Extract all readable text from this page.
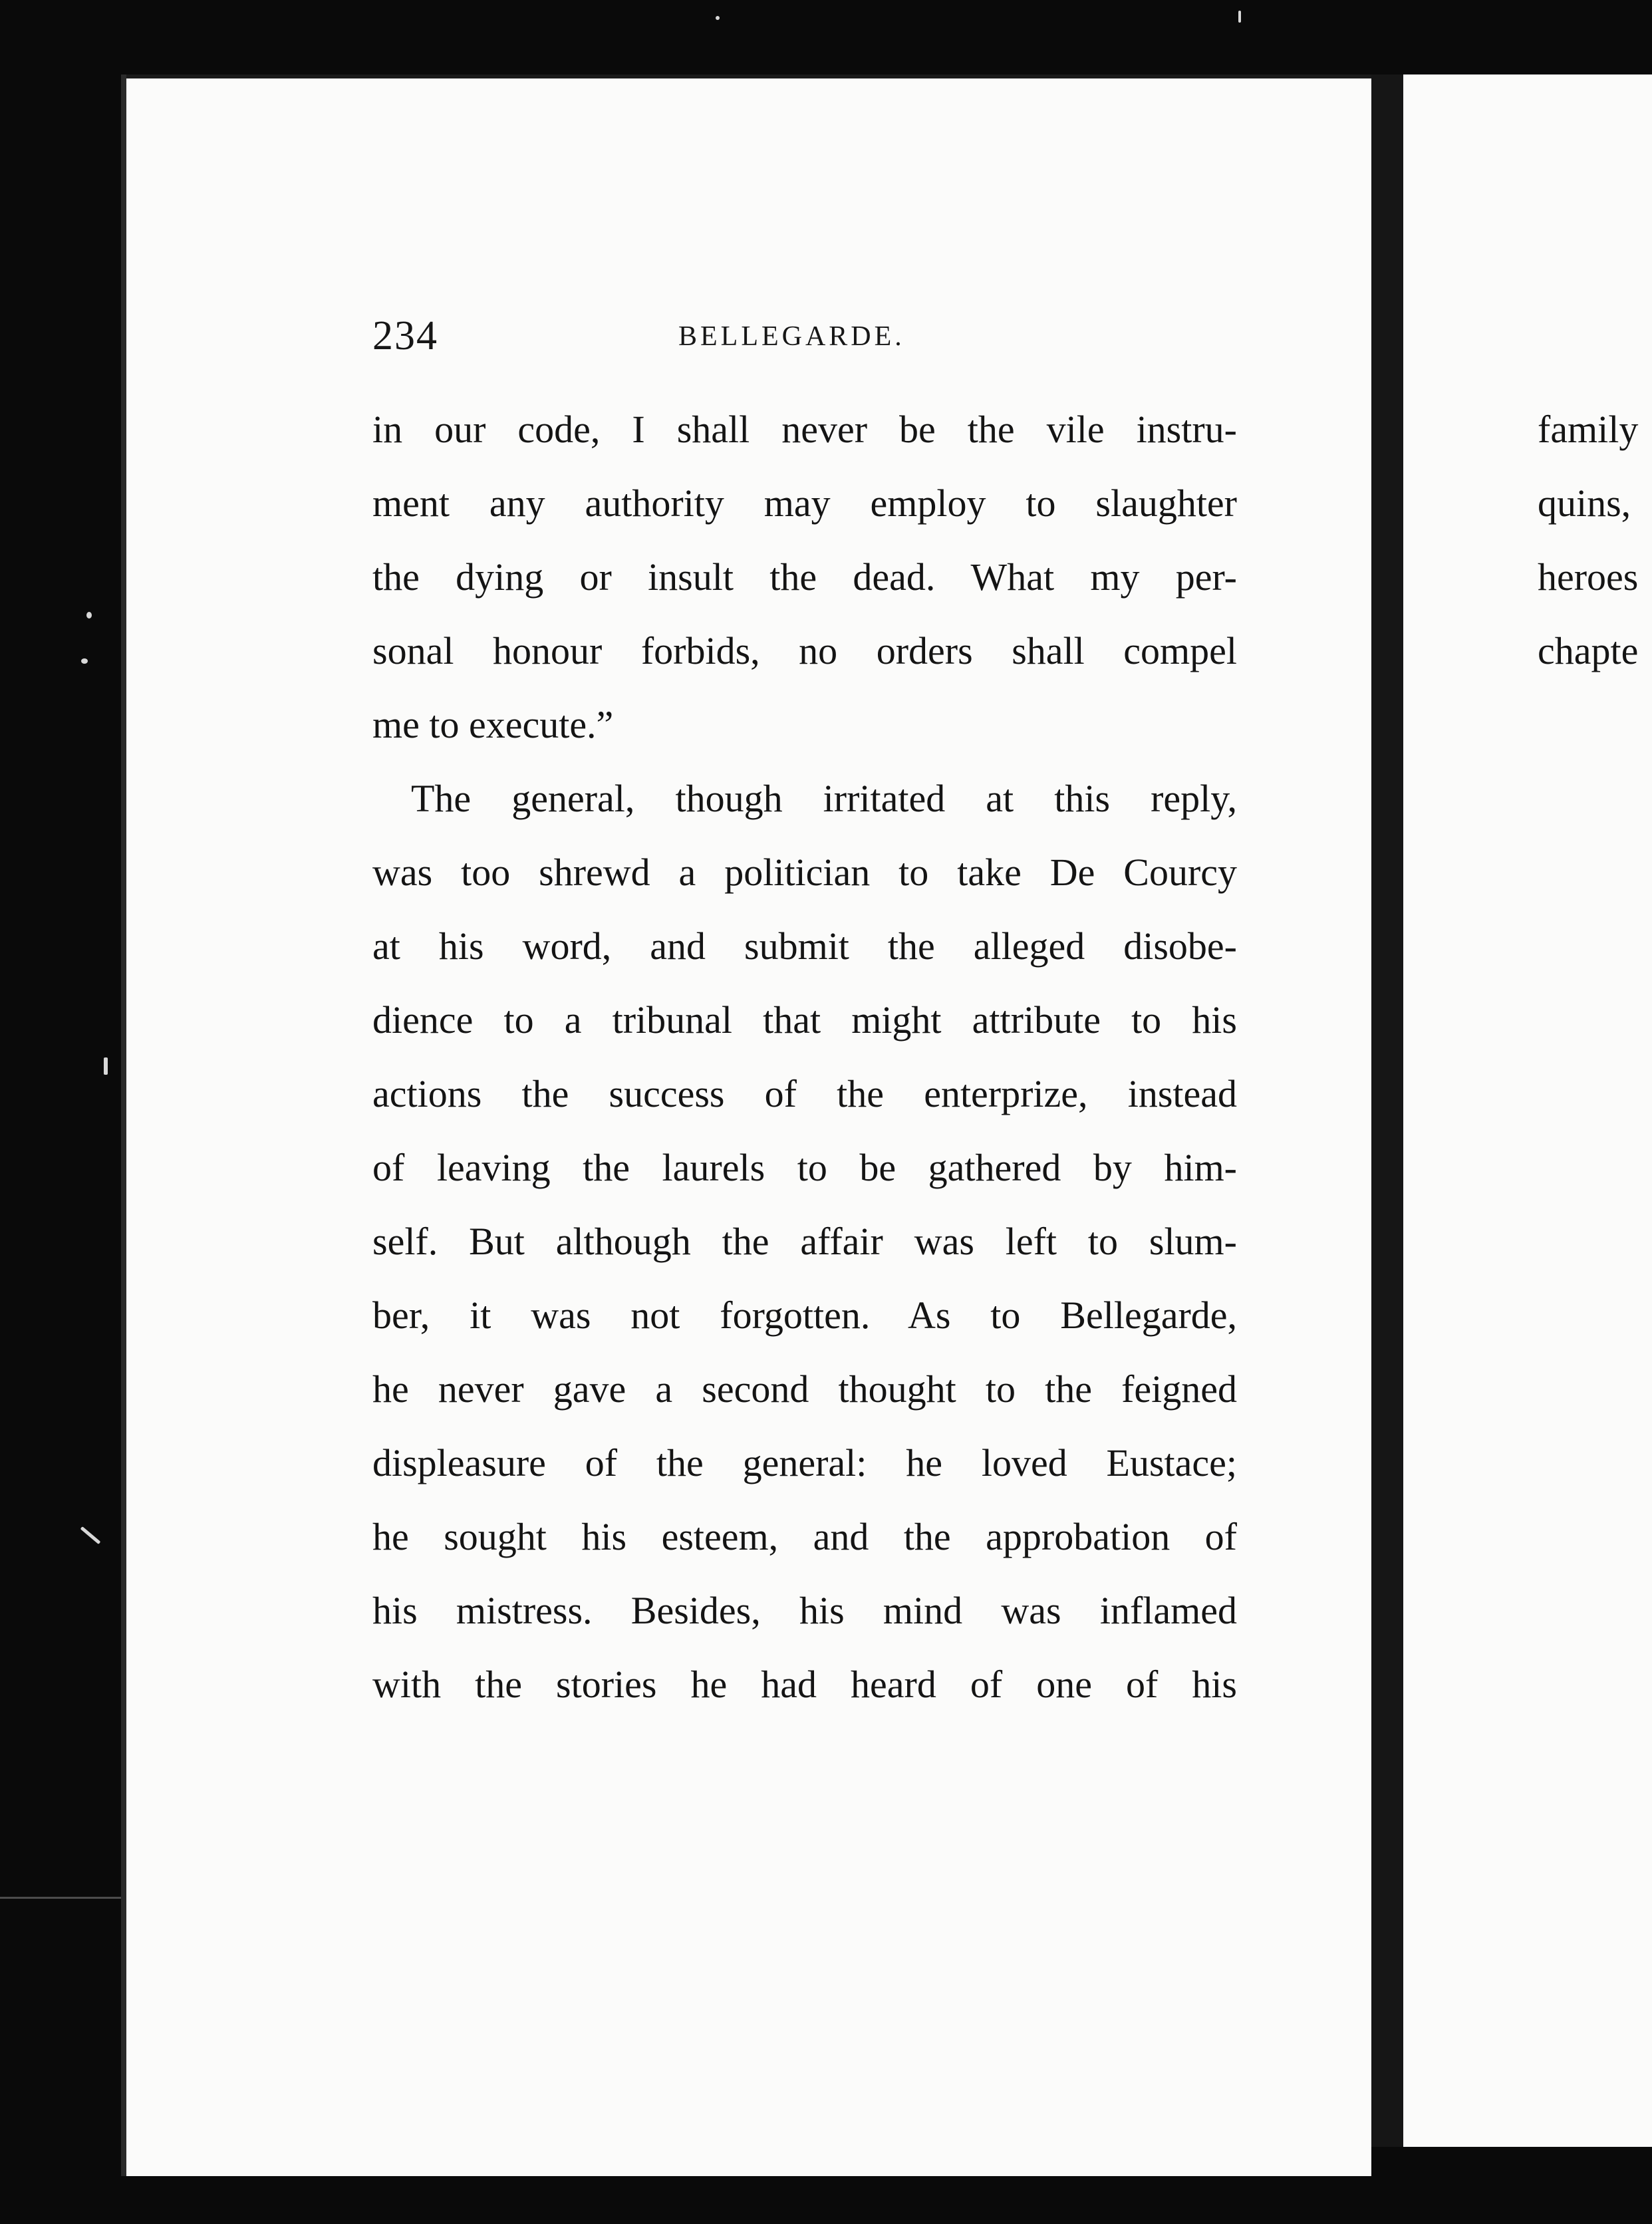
234	BELLEGARDE.
in our code, I shall never be the vile instru-
ment any authority may employ to slaughter
the dying or insult the dead. What my per-
sonal honour forbids, no orders shall compel
me to execute.”
 The general, though irritated at this reply,
was too shrewd a politician to take De Courcy
at his word, and submit the alleged disobe-
dience to a tribunal that might attribute to his
actions the success of the enterprize, instead
of leaving the laurels to be gathered by him-
self. But although the affair was left to slum-
ber, it was not forgotten. As to Bellegarde,
he never gave a second thought to the feigned
displeasure of the general: he loved Eustace;
he sought his esteem, and the approbation of
his mistress. Besides, his mind was inflamed
with the stories he had heard of one of his
family
quins,
heroes
chapte
